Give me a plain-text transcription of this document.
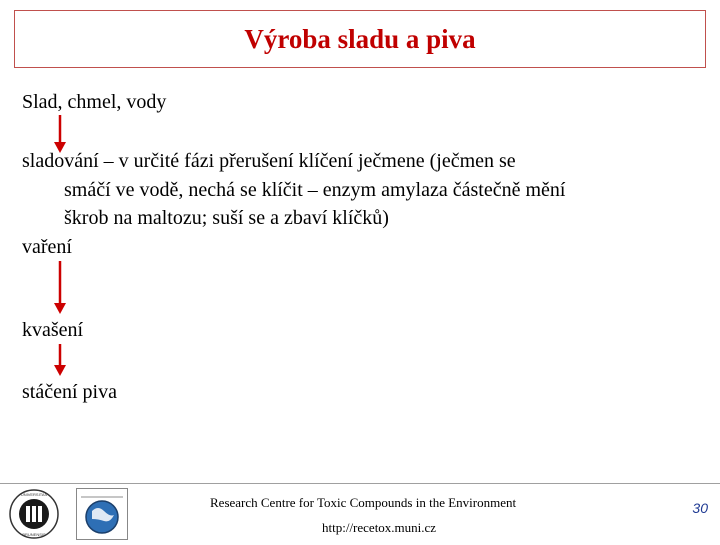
Výroba sladu a piva
Slad, chmel, vody
sladování – v určité fázi přerušení klíčení ječmene (ječmen se
smáčí ve vodě, nechá se klíčit – enzym amylaza částečně mění
škrob na maltozu; suší se a zbaví klíčků)
vaření
kvašení
stáčení piva
UNIVERSITAS
BRUNENSIS
Research Centre for Toxic Compounds in the Environment
http://recetox.muni.cz
30
